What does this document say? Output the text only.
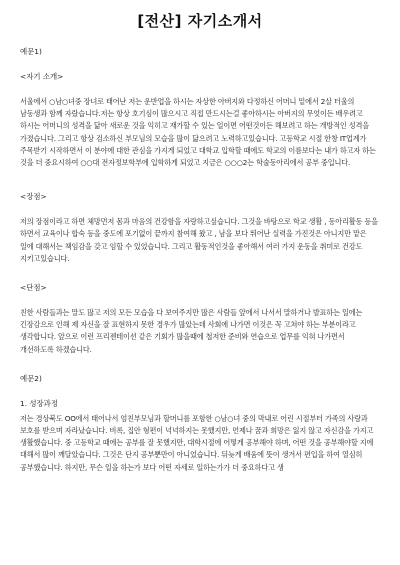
[전산] 자기소개서

예문1)

<자기 소개>

서울에서 ○남○녀중 장녀로 태어난 저는 운반업을 하시는 자상한 아버지와 다정하신 어머니 밑에서 2살 터울의 남동생과 함께 자랐습니다.저는 항상 호기심이 많으시고 직접 만드시는걸 좋아하시는 아버지의 무엇이든 배우려고 하시는 어머니의 성격을 닮아 새로운 것을 익히고 재가할 수 있는 일이면 어떤것이든 해보려고 하는 개방적인 성격을 가졌습니다. 그리고 항상 검소하신 부모님의 모습을 많이 닮으려고 노력하고있습니다. 고등학교 시절 한창 IT업계가 주목받기 시작하면서 이 분야에 대한 관심을 가지게 되었고 대학교 입학할 때에도 학교의 이름보다는 내가 하고자 하는 것을 더 중요시하여 ○○대 전자정보학부에 입학하게 되었고 지금은 ○○○2는 학술동아리에서 공부 중입니다.

<장점>

저의 장점이라고 하면 체망먼저 몸과 마음의 건강함을 자랑하고싶습니다. 그것을 바탕으로 학교 생활 , 동아리활동 등을 하면서 교육이나 합숙 등을 중도에 포기없이 끝까지 참여해 왔고 , 남을 보다 뛰어난 실력을 가진것은 아니지만 맡은 일에 대해서는 책임감을 갖고 임할 수 있었습니다. 그리고 활동적인것을 좋아해서 여러 가지 운동을 취미로 건강도 지키고있습니다.

<단점>

친한 사람들과는 말도 많고 저의 모든 모습을 다 보여주지만 많은 사람들 앞에서 나서서 말하거나 발표하는 일에는 긴장감으로 인해 제 자신을 잘 표현하지 못한 경우가 많았는데 사회에 나가면 이것은 꼭 고쳐야 하는 부분이라고 생각합니다. 앞으로 이런 프리젠테이션 같은 기회가 많을때에 철저한 준비와 연습으로 업무를 익혀 나가면서 개선하도록 하겠습니다.

예문2)

1. 성장과정

저는 경상북도 OO에서 태어나서 엄친부모님과 할머니를 포함한 ○남○녀 중의 막내로 어린 시절부터 가족의 사랑과 보호를 받으며 자라났습니다. 비록, 집안 형편이 넉넉하지는 못했지만, 언제나 꿈과 희망은 잃지 않고 자신감을 가지고 생활했습니다. 중 고등학교 때에는 공부를 잘 못했지만, 대학시절에 어떻게 공부해야 하며, 어떤 것을 공부해야할 지에 대해서 많이 깨달았습니다. 그것은 단지 공부뿐만이 아니었습니다. 뒤늦게 배움에 뜻이 생겨서 편입을 하여 열심히 공부했습니다. 하지만, 무슨 일을 하는가 보다 어떤 자세로 일하는가가 더 중요하다고 생
